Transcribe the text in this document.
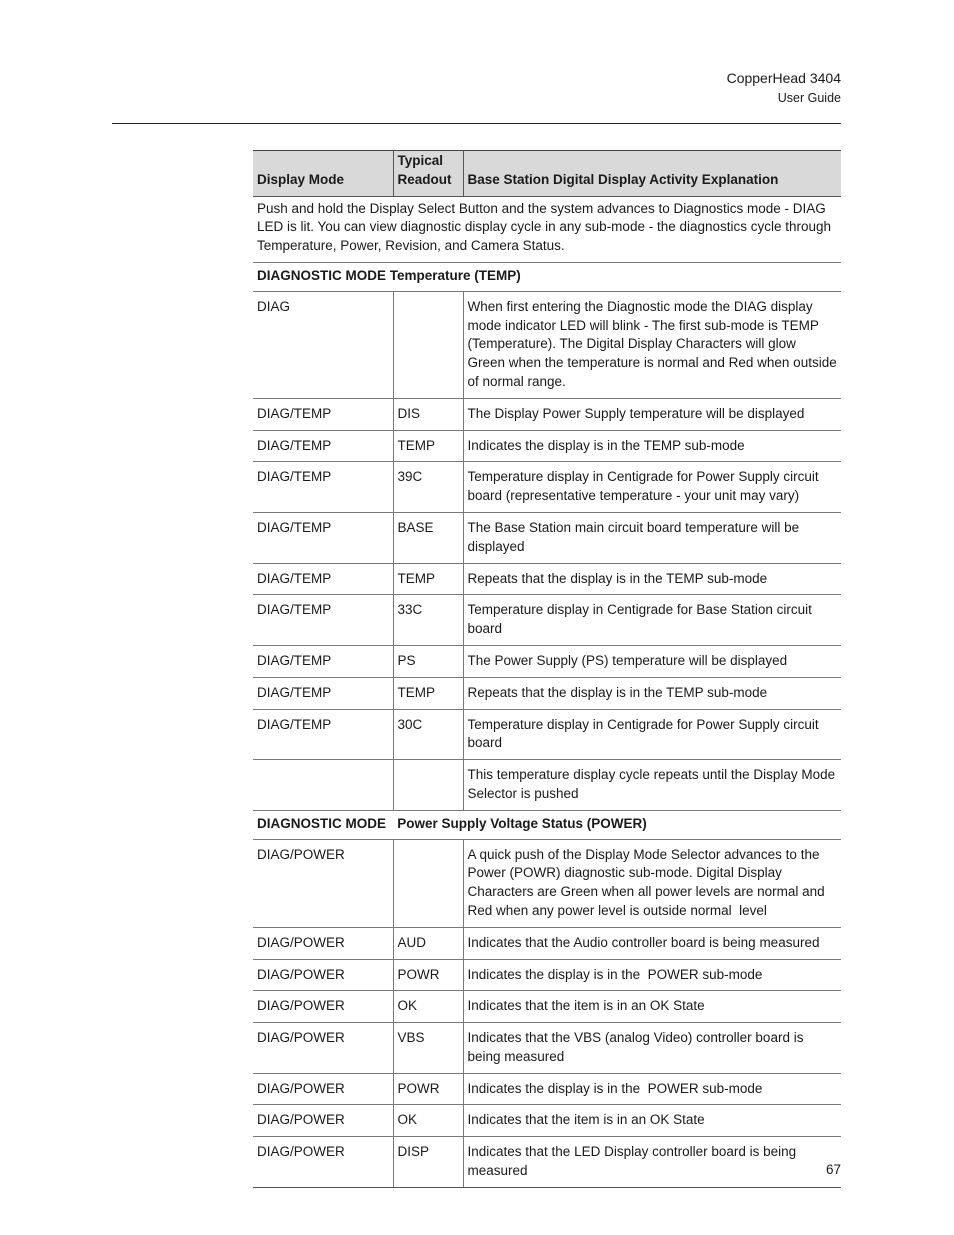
CopperHead 3404
User Guide
Display Mode	Typical Readout	Base Station Digital Display Activity Explanation
Push and hold the Display Select Button and the system advances to Diagnostics mode - DIAG LED is lit. You can view diagnostic display cycle in any sub-mode - the diagnostics cycle through Temperature, Power, Revision, and Camera Status.		
DIAGNOSTIC MODE Temperature (TEMP)		
DIAG		When first entering the Diagnostic mode the DIAG display mode indicator LED will blink - The first sub-mode is TEMP (Temperature). The Digital Display Characters will glow Green when the temperature is normal and Red when outside of normal range.
DIAG/TEMP	DIS	The Display Power Supply temperature will be displayed
DIAG/TEMP	TEMP	Indicates the display is in the TEMP sub-mode
DIAG/TEMP	39C	Temperature display in Centigrade for Power Supply circuit board (representative temperature - your unit may vary)
DIAG/TEMP	BASE	The Base Station main circuit board temperature will be displayed
DIAG/TEMP	TEMP	Repeats that the display is in the TEMP sub-mode
DIAG/TEMP	33C	Temperature display in Centigrade for Base Station circuit board
DIAG/TEMP	PS	The Power Supply (PS) temperature will be displayed
DIAG/TEMP	TEMP	Repeats that the display is in the TEMP sub-mode
DIAG/TEMP	30C	Temperature display in Centigrade for Power Supply circuit board
		This temperature display cycle repeats until the Display Mode Selector is pushed
DIAGNOSTIC MODE   Power Supply Voltage Status (POWER)		
DIAG/POWER		A quick push of the Display Mode Selector advances to the Power (POWR) diagnostic sub-mode. Digital Display Characters are Green when all power levels are normal and Red when any power level is outside normal  level
DIAG/POWER	AUD	Indicates that the Audio controller board is being measured
DIAG/POWER	POWR	Indicates the display is in the  POWER sub-mode
DIAG/POWER	OK	Indicates that the item is in an OK State
DIAG/POWER	VBS	Indicates that the VBS (analog Video) controller board is being measured
DIAG/POWER	POWR	Indicates the display is in the  POWER sub-mode
DIAG/POWER	OK	Indicates that the item is in an OK State
DIAG/POWER	DISP	Indicates that the LED Display controller board is being measured	67
